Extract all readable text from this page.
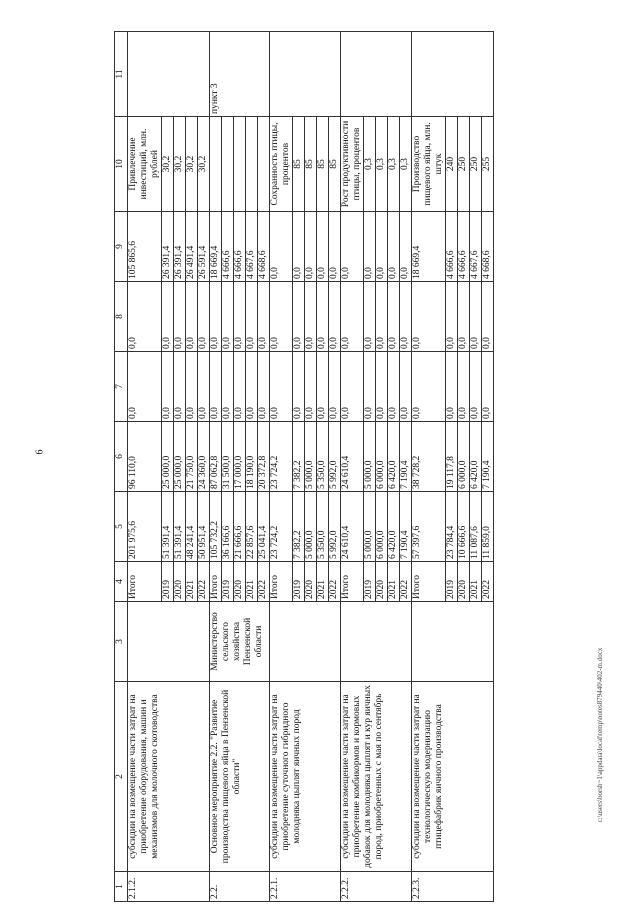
6
c:\users\borsh~1\appdata\local\temp\notes879440\402-m.docx
1	2	3	4	5	6	7	8	9	10	11
2.1.2.	субсидии на возмещение части затрат на приобретение оборудования, машин и механизмов для молочного скотоводства		Итого	201 975,6	96 110,0	0,0	0,0	105 865,6	Привлечение инвестиций, млн. рублей	
			2019	51 391,4	25 000,0	0,0	0,0	26 391,4	30,2	
			2020	51 391,4	25 000,0	0,0	0,0	26 391,4	30,2	
			2021	48 241,4	21 750,0	0,0	0,0	26 491,4	30,2	
			2022	50 951,4	24 360,0	0,0	0,0	26 591,4	30,2	
2.2.	Основное мероприятие 2.2. "Развитие производства пищевого яйца в Пензенской области"	Министерство сельского хозяйства Пензенской области	Итого	105 732,2	87 062,8	0,0	0,0	18 669,4		пункт 3
			2019	36 166,6	31 500,0	0,0	0,0	4 666,6		
			2020	21 666,6	17 000,0	0,0	0,0	4 666,6		
			2021	22 857,6	18 190,0	0,0	0,0	4 667,6		
			2022	25 041,4	20 372,8	0,0	0,0	4 668,6		
2.2.1.	субсидии на возмещение части затрат на приобретение суточного гибридного молодняка цыплят яичных пород		Итого	23 724,2	23 724,2	0,0	0,0	0,0	Сохранность птицы, процентов	
			2019	7 382,2	7 382,2	0,0	0,0	0,0	85	
			2020	5 000,0	5 000,0	0,0	0,0	0,0	85	
			2021	5 350,0	5 350,0	0,0	0,0	0,0	85	
			2022	5 992,0	5 992,0	0,0	0,0	0,0	85	
2.2.2.	субсидии на возмещение части затрат на приобретение комбикормов и кормовых добавок для молодняка цыплят и кур яичных пород, приобретенных с мая по сентябрь		Итого	24 610,4	24 610,4	0,0	0,0	0,0	Рост продуктивности птицы, процентов	
			2019	5 000,0	5 000,0	0,0	0,0	0,0	0,3	
			2020	6 000,0	6 000,0	0,0	0,0	0,0	0,3	
			2021	6 420,0	6 420,0	0,0	0,0	0,0	0,3	
			2022	7 190,4	7 190,4	0,0	0,0	0,0	0,3	
2.2.3.	субсидии на возмещение части затрат на технологическую модернизацию птицефабрик яичного производства		Итого	57 397,6	38 728,2	0,0	0,0	18 669,4	Производство пищевого яйца, млн. штук	
			2019	23 784,4	19 117,8	0,0	0,0	4 666,6	240	
			2020	10 666,6	6 000,0	0,0	0,0	4 666,6	250	
			2021	11 087,6	6 420,0	0,0	0,0	4 667,6	250	
			2022	11 859,0	7 190,4	0,0	0,0	4 668,6	255	
